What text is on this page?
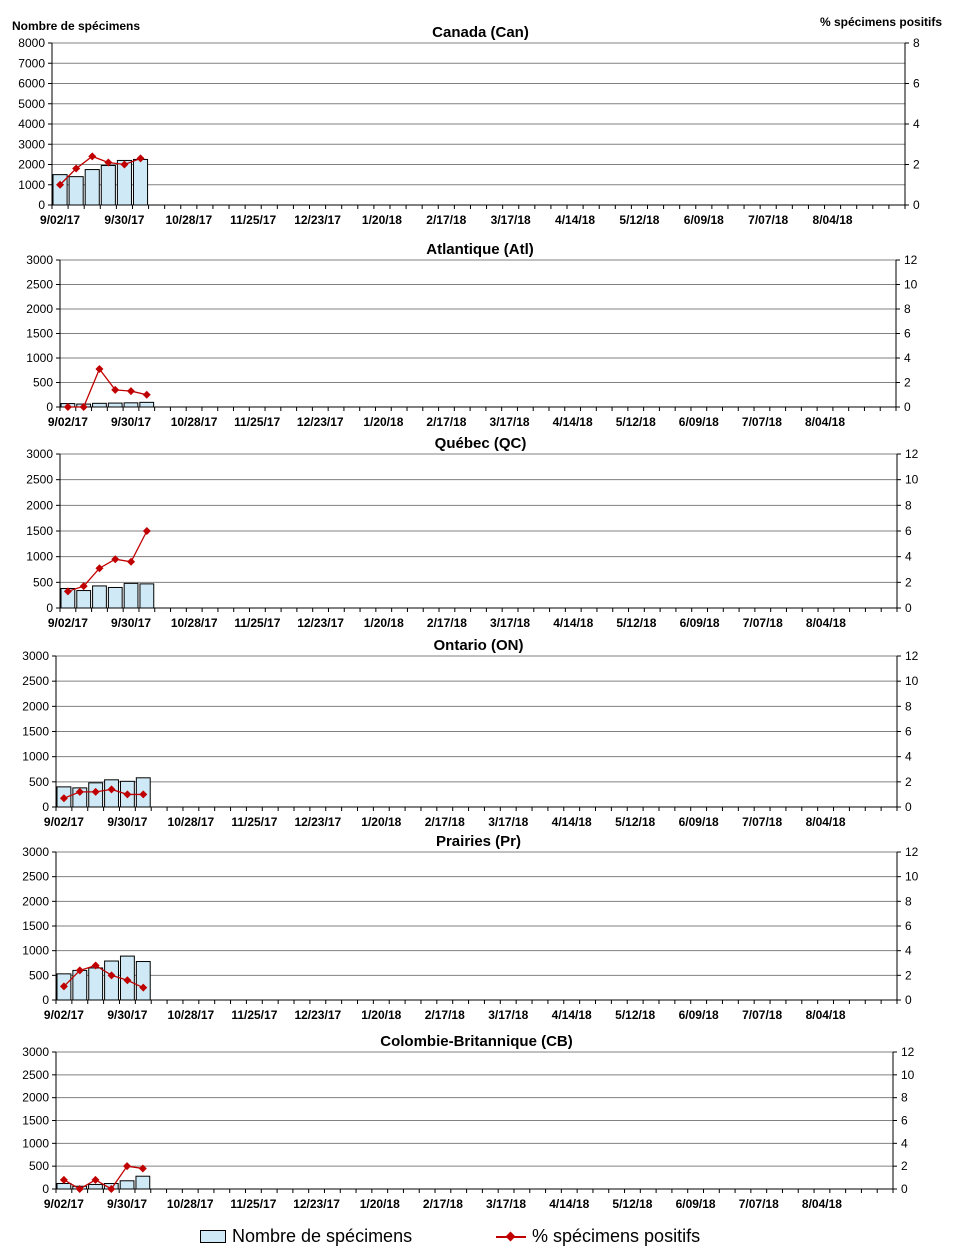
Nombre de spécimens	% spécimens positifs
Canada (Can)
0
1000
2000
3000
4000
5000
6000
7000
8000
0
2
4
6
8
9/02/17 9/30/17 10/28/17 11/25/17 12/23/17 1/20/18 2/17/18 3/17/18 4/14/18 5/12/18 6/09/18 7/07/18 8/04/18
Atlantique (Atl)
0
500
1000
1500
2000
2500
3000
0
2
4
6
8
10
12
9/02/17 9/30/17 10/28/17 11/25/17 12/23/17 1/20/18 2/17/18 3/17/18 4/14/18 5/12/18 6/09/18 7/07/18 8/04/18
Québec (QC)
0
500
1000
1500
2000
2500
3000
0
2
4
6
8
10
12
9/02/17 9/30/17 10/28/17 11/25/17 12/23/17 1/20/18 2/17/18 3/17/18 4/14/18 5/12/18 6/09/18 7/07/18 8/04/18
Ontario (ON)
0
500
1000
1500
2000
2500
3000
0
2
4
6
8
10
12
9/02/17 9/30/17 10/28/17 11/25/17 12/23/17 1/20/18 2/17/18 3/17/18 4/14/18 5/12/18 6/09/18 7/07/18 8/04/18
Prairies (Pr)
0
500
1000
1500
2000
2500
3000
0
2
4
6
8
10
12
9/02/17 9/30/17 10/28/17 11/25/17 12/23/17 1/20/18 2/17/18 3/17/18 4/14/18 5/12/18 6/09/18 7/07/18 8/04/18
Colombie-Britannique (CB)
0
500
1000
1500
2000
2500
3000
0
2
4
6
8
10
12
9/02/17 9/30/17 10/28/17 11/25/17 12/23/17 1/20/18 2/17/18 3/17/18 4/14/18 5/12/18 6/09/18 7/07/18 8/04/18
Nombre de spécimens	% spécimens positifs
